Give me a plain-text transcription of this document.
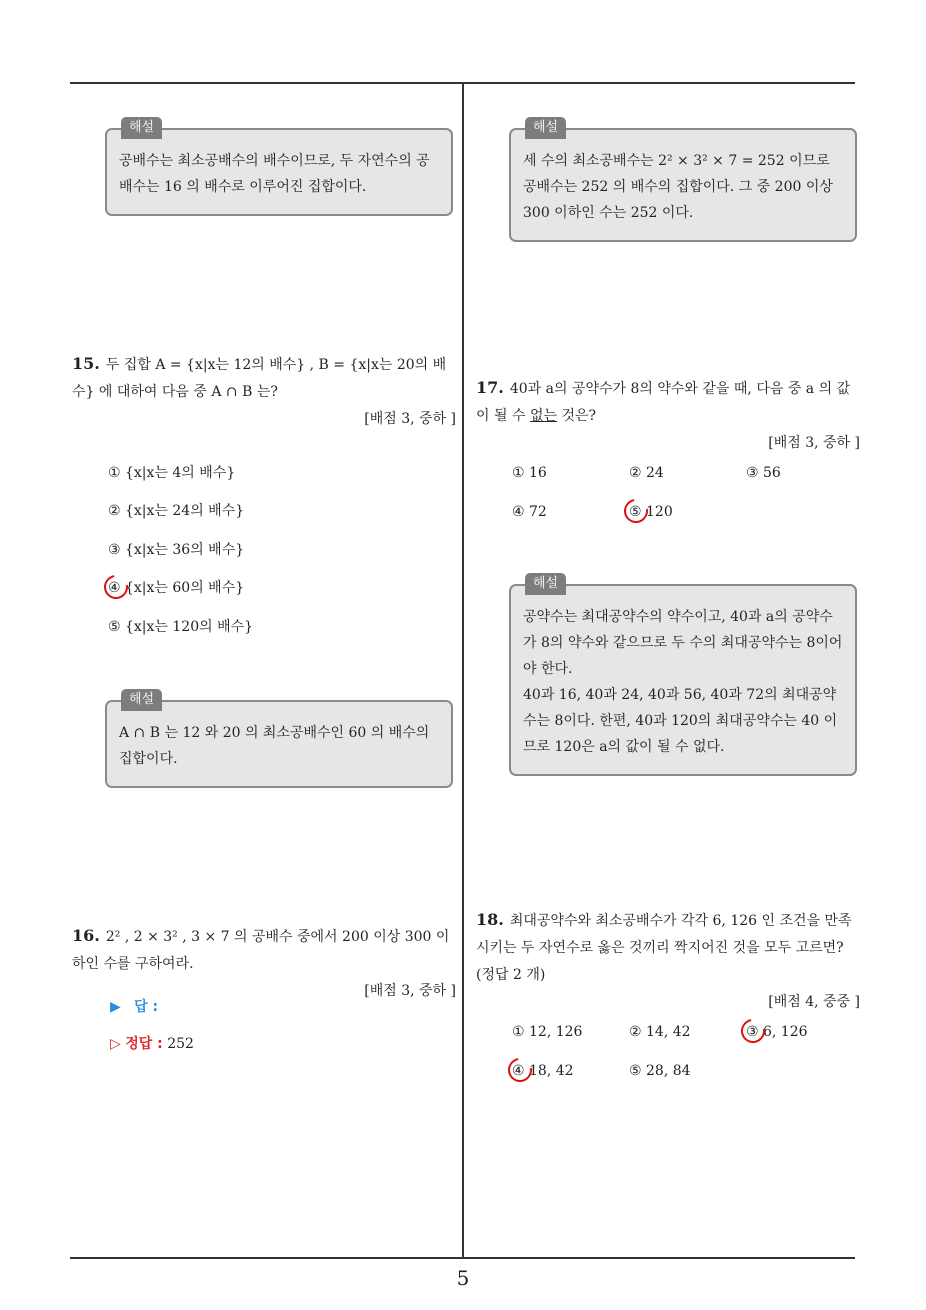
해설
공배수는 최소공배수의 배수이므로, 두 자연수의 공배수는 16 의 배수로 이루어진 집합이다.
해설
세 수의 최소공배수는 2² × 3² × 7 = 252 이므로 공배수는 252 의 배수의 집합이다. 그 중 200 이상 300 이하인 수는 252 이다.
15. 두 집합 A = {x|x는 12의 배수} , B = {x|x는 20의 배수} 에 대하여 다음 중 A ∩ B 는?
[배점 3, 중하 ]
① {x|x는 4의 배수}
② {x|x는 24의 배수}
③ {x|x는 36의 배수}
④ {x|x는 60의 배수}
⑤ {x|x는 120의 배수}
해설
A ∩ B 는 12 와 20 의 최소공배수인 60 의 배수의 집합이다.
16. 2² , 2 × 3² , 3 × 7 의 공배수 중에서 200 이상 300 이하인 수를 구하여라.
[배점 3, 중하 ]
▶ 답 :
▷ 정답 : 252
17. 40과 a의 공약수가 8의 약수와 같을 때, 다음 중 a 의 값이 될 수 없는 것은?
[배점 3, 중하 ]
① 16	② 24	③ 56
④ 72	⑤ 120
해설
공약수는 최대공약수의 약수이고, 40과 a의 공약수가 8의 약수와 같으므로 두 수의 최대공약수는 8이어야 한다.
40과 16, 40과 24, 40과 56, 40과 72의 최대공약수는 8이다. 한편, 40과 120의 최대공약수는 40 이므로 120은 a의 값이 될 수 없다.
18. 최대공약수와 최소공배수가 각각 6, 126 인 조건을 만족시키는 두 자연수로 옳은 것끼리 짝지어진 것을 모두 고르면? (정답 2 개)
[배점 4, 중중 ]
① 12, 126	② 14, 42	③ 6, 126
④ 18, 42	⑤ 28, 84
5
